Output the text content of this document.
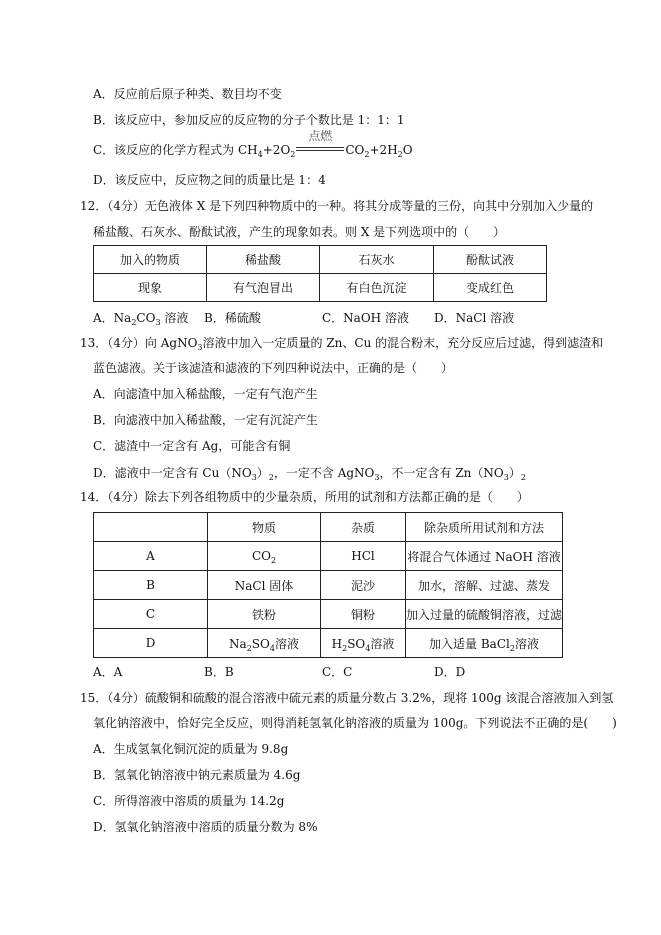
A．反应前后原子种类、数目均不变
B．该反应中，参加反应的反应物的分子个数比是 1：1：1
C．该反应的化学方程式为 $CH_4+2O_2$
点燃
$CO_2+2H_2O$
D．该反应中，反应物之间的质量比是 1：4
12．（4分）无色液体 X 是下列四种物质中的一种。将其分成等量的三份，向其中分别加入少量的
稀盐酸、石灰水、酚酞试液，产生的现象如表。则 X 是下列选项中的（　　）
13．（4分）向 AgNO$_3$溶液中加入一定质量的 Zn、Cu 的混合粉末，充分反应后过滤，得到滤渣和
蓝色滤液。关于该滤渣和滤液的下列四种说法中，正确的是（　　）
A．向滤渣中加入稀盐酸，一定有气泡产生
B．向滤液中加入稀盐酸，一定有沉淀产生
C．滤渣中一定含有 Ag，可能含有铜
D．滤液中一定含有 $Cu(NO_3)_2$，一定不含 AgNO$_3$，不一定含有 $Zn(NO_3)_2$
14．（4分）除去下列各组物质中的少量杂质，所用的试剂和方法都正确的是（　　）
15．（4分）硫酸铜和硫酸的混合溶液中硫元素的质量分数占 3.2%，现将 100g 该混合溶液加入到氢
氧化钠溶液中，恰好完全反应，则得消耗氢氧化钠溶液的质量为 100g。下列说法不正确的是(　　)
A．生成氢氧化铜沉淀的质量为 9.8g
B．氢氧化钠溶液中钠元素质量为 4.6g
C．所得溶液中溶质的质量为 14.2g
D．氢氧化钠溶液中溶质的质量分数为 8%
加入的物质	稀盐酸	石灰水	酚酞试液
现象	有气泡冒出	有白色沉淀	变成红色
	物质	杂质	除杂质所用试剂和方法
A	$CO_2$	HCl	将混合气体通过 NaOH 溶液
B	NaCl 固体	泥沙	加水，溶解、过滤、蒸发
C	铁粉	铜粉	加入过量的硫酸铜溶液，过滤
D	$Na_2SO_4$溶液	$H_2SO_4$溶液	加入适量 BaCl$_2$溶液
A．$Na_2CO_3$ 溶液 B．稀硫酸	C．NaOH 溶液 D．NaCl 溶液
A．A	B．B	C．C	D．D
